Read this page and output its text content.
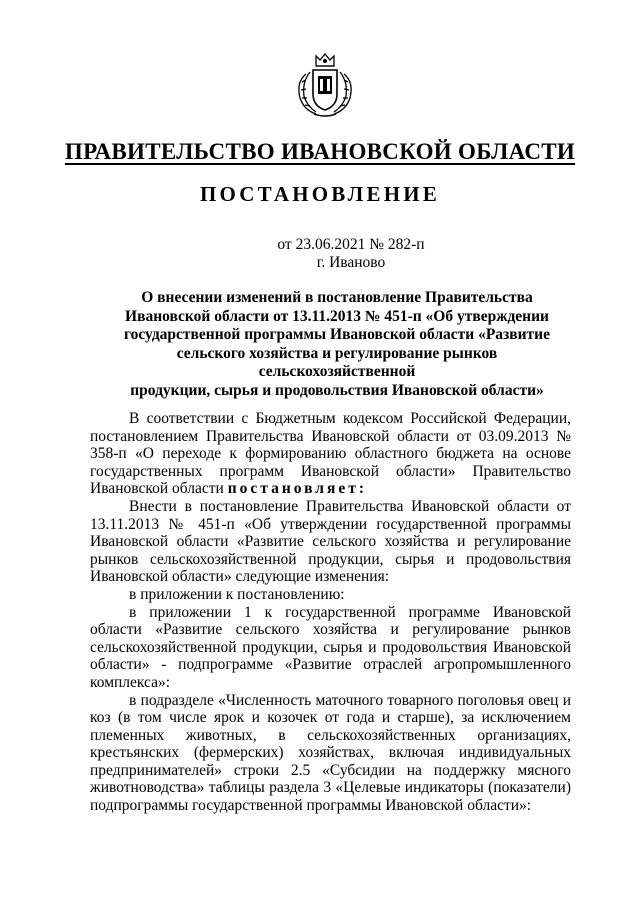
ПРАВИТЕЛЬСТВО ИВАНОВСКОЙ ОБЛАСТИ
ПОСТАНОВЛЕНИЕ
от 23.06.2021 № 282-п
г. Иваново
О внесении изменений в постановление Правительства
Ивановской области от 13.11.2013 № 451-п «Об утверждении
государственной программы Ивановской области «Развитие
сельского хозяйства и регулирование рынков сельскохозяйственной
продукции, сырья и продовольствия Ивановской области»

В соответствии с Бюджетным кодексом Российской Федерации, постановлением Правительства Ивановской области от 03.09.2013 № 358-п «О переходе к формированию областного бюджета на основе государственных программ Ивановской области» Правительство Ивановской области постановляет:

Внести в постановление Правительства Ивановской области от 13.11.2013 № 451-п «Об утверждении государственной программы Ивановской области «Развитие сельского хозяйства и регулирование рынков сельскохозяйственной продукции, сырья и продовольствия Ивановской области» следующие изменения:

в приложении к постановлению:

в приложении 1 к государственной программе Ивановской области «Развитие сельского хозяйства и регулирование рынков сельскохозяйственной продукции, сырья и продовольствия Ивановской области» - подпрограмме «Развитие отраслей агропромышленного комплекса»:

в подразделе «Численность маточного товарного поголовья овец и коз (в том числе ярок и козочек от года и старше), за исключением племенных животных, в сельскохозяйственных организациях, крестьянских (фермерских) хозяйствах, включая индивидуальных предпринимателей» строки 2.5 «Субсидии на поддержку мясного животноводства» таблицы раздела 3 «Целевые индикаторы (показатели) подпрограммы государственной программы Ивановской области»:
